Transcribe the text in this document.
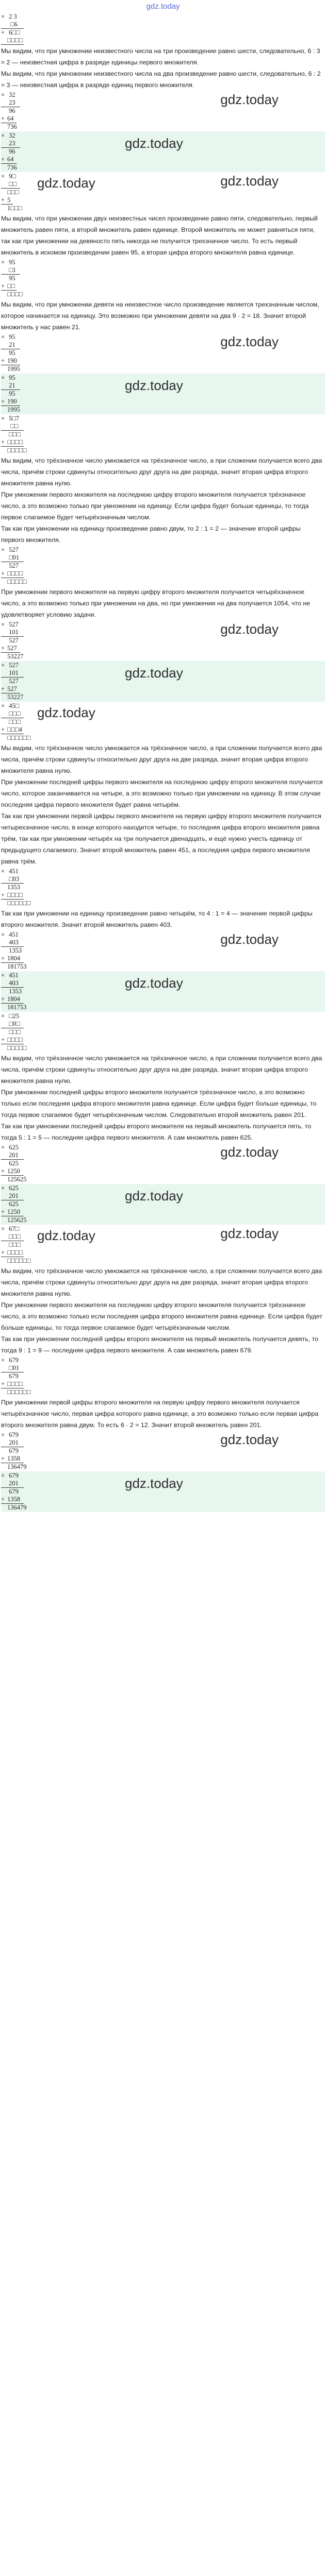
gdz.today
× 2 3
□6
+ 6□□
□□□□

Мы видим, что при умножении неизвестного числа на три произведение равно шести, следовательно, 6 : 3 = 2 — неизвестная цифра в разряде единицы первого множителя.

Мы видим, что при умножении неизвестного числа на два произведение равно шести, следовательно, 6 : 2 = 3 — неизвестная цифра в разряде единиц первого множителя.

× 32
23
96
+ 64
736
gdz.today
× 32
23
96
+ 64
736
gdz.today
× 9□
□□
□□□
+ 5
1□□□
gdz.today	gdz.today

Мы видим, что при умножении двух неизвестных чисел произведение равно пяти, следовательно, первый множитель равен пяти, а второй множитель равен единице. Второй множитель не может равняться пяти, так как при умножении на девяносто пять никогда не получится трехзначное число. То есть первый множитель в искомом произведении равен 95, а вторая цифра второго множителя равна единице.

× 95
□1
95
+ □□
□□□□

Мы видим, что при умножении девяти на неизвестное число произведение является трехзначным числом, которое начинается на единицу. Это возможно при умножении девяти на два 9 · 2 = 18. Значит второй множитель у нас равен 21.

× 95
21
95
+ 190
1995
gdz.today
× 95
21
95
+ 190
1995
gdz.today
× 5□7
□□
□□□
+ □□□□
□□□□□

Мы видим, что трёхзначное число умножается на трёхзначное число, а при сложении получается всего два числа, причём строки сдвинуты относительно друг друга на две разряда, значит вторая цифра второго множителя равна нулю.

При умножении первого множителя на последнюю цифру второго множителя получается трёхзначное число, а это возможно только при умножении на единицу. Если цифра будет больше единицы, то тогда первое слагаемое будет четырёхзначным числом.

Так как при умножении на единицу произведение равно двум, то 2 : 1 = 2 — значение второй цифры первого множителя.

× 527
□01
527
+ □□□□
□□□□□

При умножении первого множителя на первую цифру второго множителя получается четырёхзначное число, а это возможно только при умножении на два, но при умножении на два получается 1054, что не удовлетворяет условию задачи.

× 527
101
527
+ 527
53227
gdz.today
× 527
101
527
+ 527
53227
gdz.today
× 45□
□□□
□□□
+ □□□4
□□□□□□
gdz.today

Мы видим, что трёхзначное число умножается на трёхзначное число, а при сложении получается всего два числа, причём строки сдвинуты относительно друг друга на две разряда, значит вторая цифра второго множителя равна нулю.

При умножении последней цифры первого множителя на последнюю цифру второго множителя получается число, которое заканчивается на четыре, а это возможно только при умножении на единицу. В этом случае последняя цифра первого множителя будет равна четырём.

Так как при умножении первой цифры первого множителя на первую цифру второго множителя получается четырехзначное число, в конце которого находится четыре, то последняя цифра второго множителя равна трём, так как при умножении четырёх на три получается двенадцать, и ещё нужно учесть единицу от предыдущего слагаемого. Значит второй множитель равен 451, а последняя цифра первого множителя равна трём.

× 451
□03
1353
+ □□□□
□□□□□□

Так как при умножении на единицу произведение равно четырём, то 4 : 1 = 4 — значение первой цифры второго множителя. Значит второй множитель равен 403.

× 451
403
1353
+ 1804
181753
gdz.today
× 451
403
1353
+ 1804
181753
gdz.today
× □25
□0□
□□□
+ □□□□
□□□□□

Мы видим, что трёхзначное число умножается на трёхзначное число, а при сложении получается всего два числа, причём строки сдвинуты относительно друг друга на две разряда, значит вторая цифра второго множителя равна нулю.

При умножении последней цифры второго множителя получается трёхзначное число, а это возможно только если последняя цифра второго множителя равна единице. Если цифра будет больше единицы, то тогда первое слагаемое будет четырёхзначным числом. Следовательно второй множитель равен 201.

Так как при умножении последней цифры второго множителя на первый множитель получается пять, то тогда 5 : 1 = 5 — последняя цифра первого множителя. А сам множитель равен 625.

× 625
201
625
+ 1250
125625
gdz.today
× 625
201
625
+ 1250
125625
gdz.today
× 67□
□□□
□□□
+ □□□□
□□□□□□
gdz.today	gdz.today

Мы видим, что трёхзначное число умножается на трёхзначное число, а при сложении получается всего два числа, причём строки сдвинуты относительно друг друга на две разряда, значит вторая цифра второго множителя равна нулю.

При умножении первого множителя на последнюю цифру второго множителя получается трёхзначное число, а это возможно только если последняя цифра второго множителя равна единице. Если цифра будет больше единицы, то тогда первое слагаемое будет четырёхзначным числом.

Так как при умножении последней цифры второго множителя на первый множитель получается девять, то тогда 9 : 1 = 9 — последняя цифра первого множителя. А сам множитель равен 679.

× 679
□01
679
+ □□□□
□□□□□□

При умножении первой цифры второго множителя на первую цифру первого множителя получается четырёхзначное число, первая цифра которого равна единице, а это возможно только если первая цифра второго множителя равна двум. То есть 6 · 2 = 12. Значит второй множитель равен 201.

× 679
201
679
+ 1358
136479
gdz.today
× 679
201
679
+ 1358
136479
gdz.today
